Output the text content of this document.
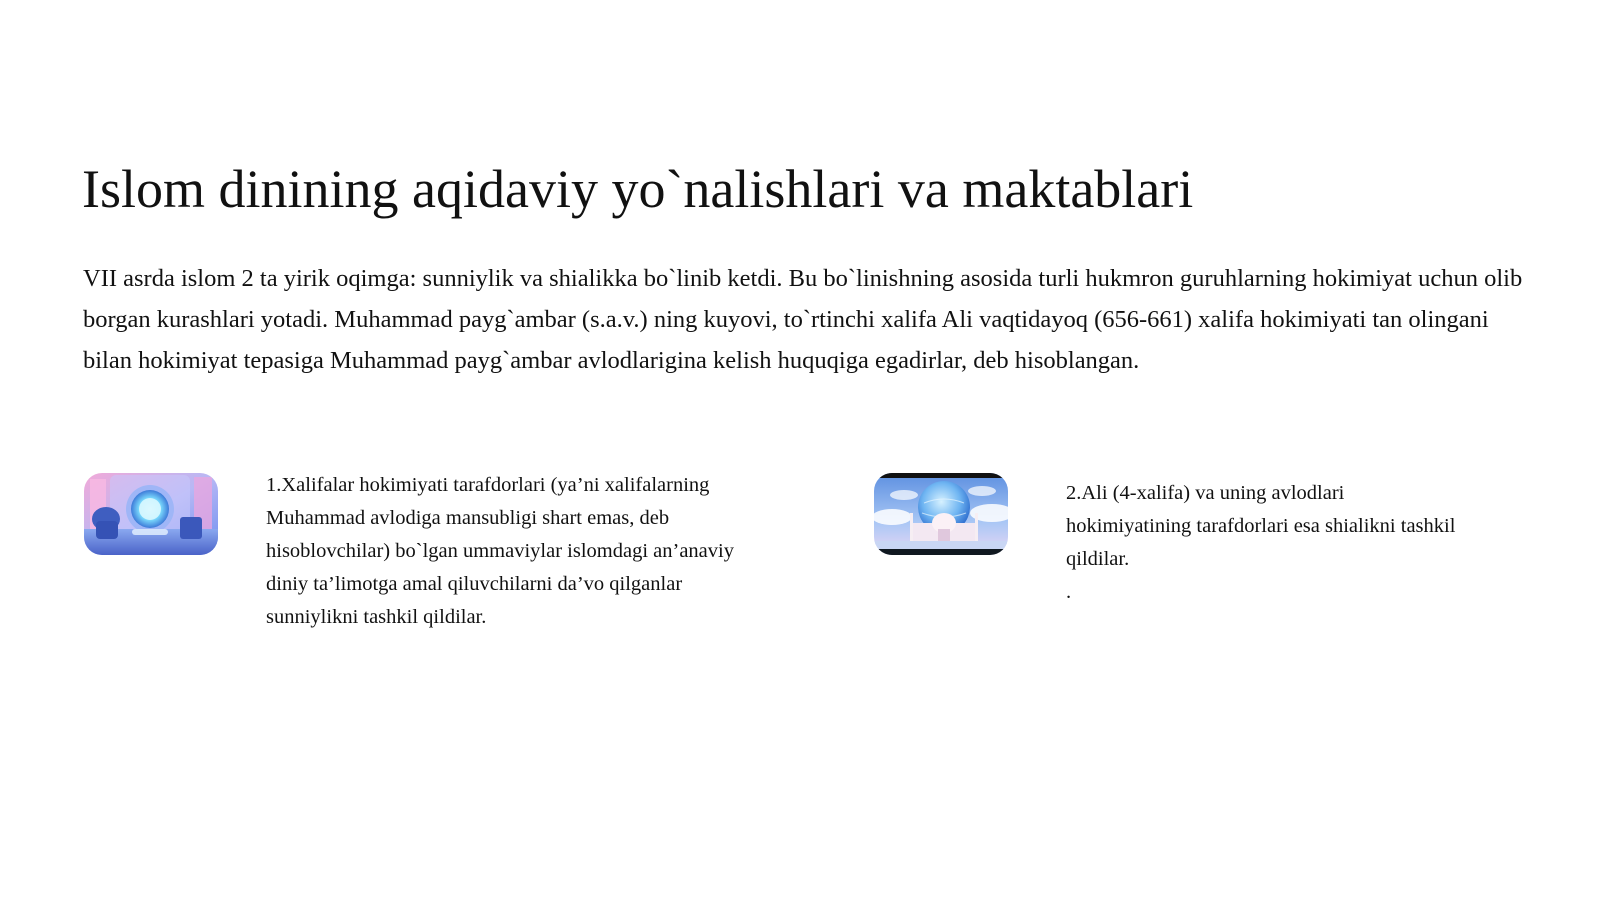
Islom dinining aqidaviy yo`nalishlari va maktablari

VII asrda islom 2 ta yirik oqimga: sunniylik va shialikka bo`linib ketdi. Bu bo`linishning asosida turli hukmron guruhlarning hokimiyat uchun olib borgan kurashlari yotadi. Muhammad payg`ambar (s.a.v.) ning kuyovi, to`rtinchi xalifa Ali vaqtidayoq (656-661) xalifa hokimiyati tan olingani bilan hokimiyat tepasiga Muhammad payg`ambar avlodlarigina kelish huquqiga egadirlar, deb hisoblangan.

1.Xalifalar hokimiyati tarafdorlari (ya’ni xalifalarning Muhammad avlodiga mansubligi shart emas, deb hisoblovchilar) bo`lgan ummaviylar islomdagi an’anaviy diniy ta’limotga amal qiluvchilarni da’vo qilganlar sunniylikni tashkil qildilar.

2.Ali (4-xalifa) va uning avlodlari hokimiyatining tarafdorlari esa shialikni tashkil qildilar.
.
